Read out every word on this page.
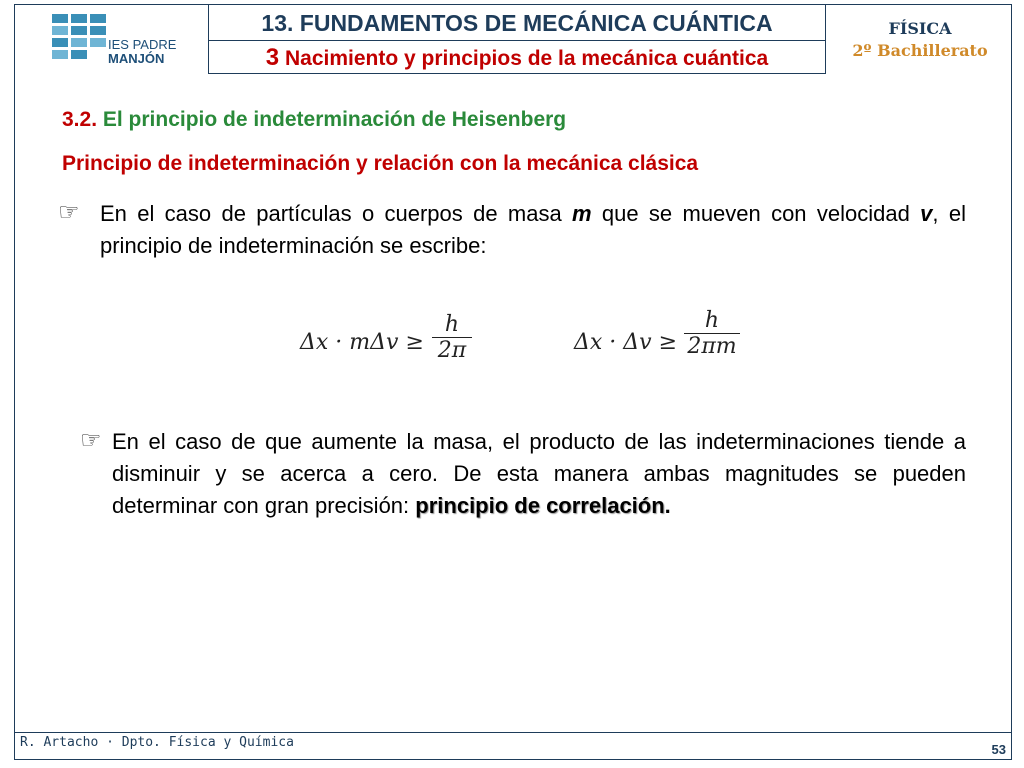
IES PADRE
MANJÓN
13. FUNDAMENTOS DE MECÁNICA CUÁNTICA
3 Nacimiento y principios de la mecánica cuántica
FÍSICA
2º Bachillerato
3.2. El principio de indeterminación de Heisenberg
Principio de indeterminación y relación con la mecánica clásica
☞ En el caso de partículas o cuerpos de masa m que se mueven con velocidad v, el principio de indeterminación se escribe:
$\Delta x \cdot m\Delta v \ge \frac{h}{2\pi}$	$\Delta x \cdot \Delta v \ge \frac{h}{2\pi m}$
☞ En el caso de que aumente la masa, el producto de las indeterminaciones tiende a disminuir y se acerca a cero. De esta manera ambas magnitudes se pueden determinar con gran precisión: principio de correlación.
R. Artacho · Dpto. Física y Química	53
